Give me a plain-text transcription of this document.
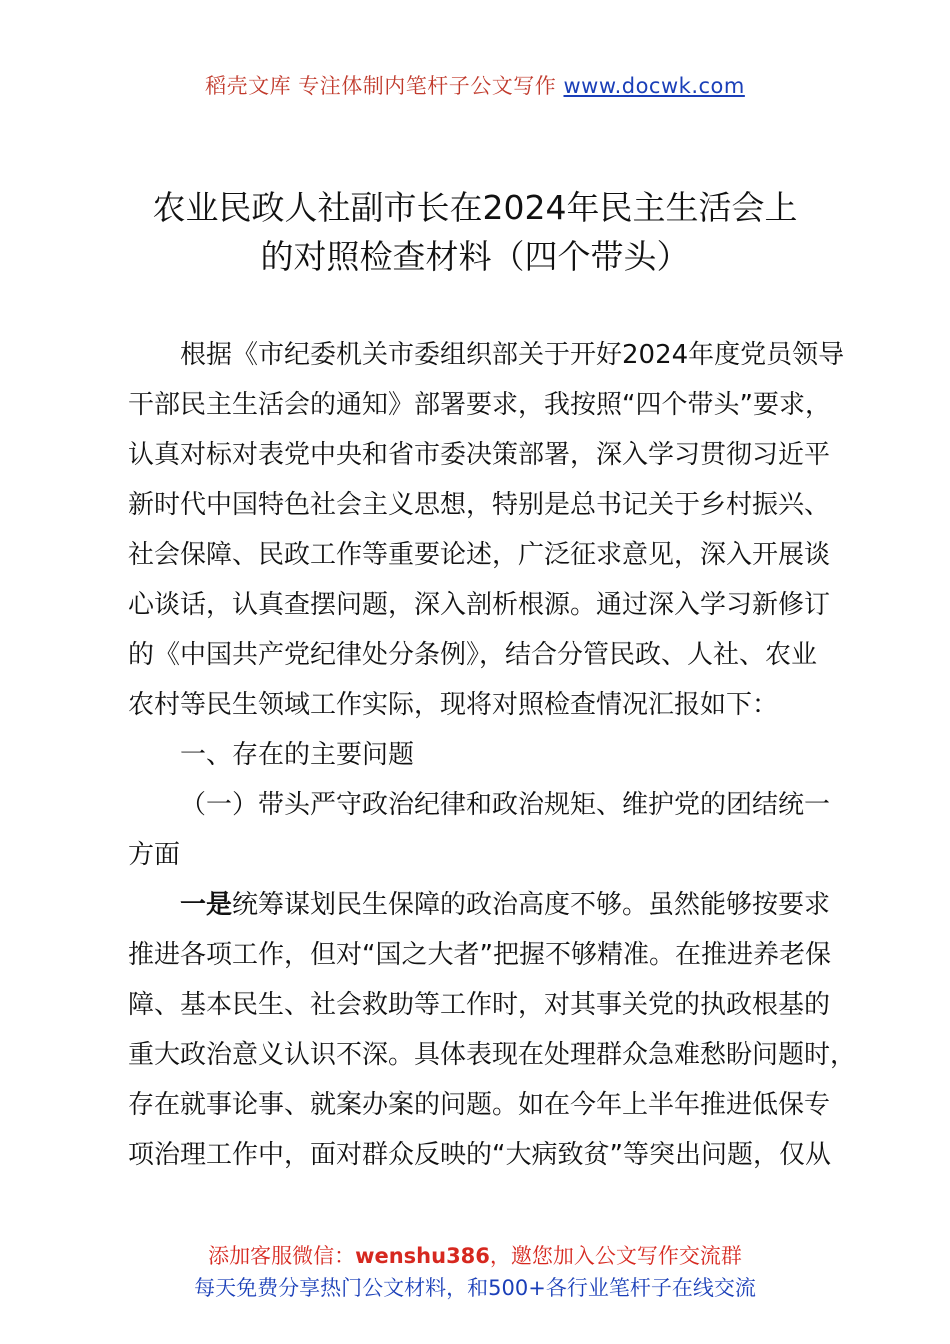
稻壳文库 专注体制内笔杆子公文写作 www.docwk.com
农业民政人社副市长在2024年民主生活会上
的对照检查材料（四个带头）
根据《市纪委机关市委组织部关于开好2024年度党员领导
干部民主生活会的通知》部署要求，我按照“四个带头”要求，
认真对标对表党中央和省市委决策部署，深入学习贯彻习近平
新时代中国特色社会主义思想，特别是总书记关于乡村振兴、
社会保障、民政工作等重要论述，广泛征求意见，深入开展谈
心谈话，认真查摆问题，深入剖析根源。通过深入学习新修订
的《中国共产党纪律处分条例》，结合分管民政、人社、农业
农村等民生领域工作实际，现将对照检查情况汇报如下：
一、存在的主要问题
（一）带头严守政治纪律和政治规矩、维护党的团结统一
方面
一是统筹谋划民生保障的政治高度不够。虽然能够按要求
推进各项工作，但对“国之大者”把握不够精准。在推进养老保
障、基本民生、社会救助等工作时，对其事关党的执政根基的
重大政治意义认识不深。具体表现在处理群众急难愁盼问题时，
存在就事论事、就案办案的问题。如在今年上半年推进低保专
项治理工作中，面对群众反映的“大病致贫”等突出问题，仅从
添加客服微信：wenshu386，邀您加入公文写作交流群
每天免费分享热门公文材料，和500+各行业笔杆子在线交流
